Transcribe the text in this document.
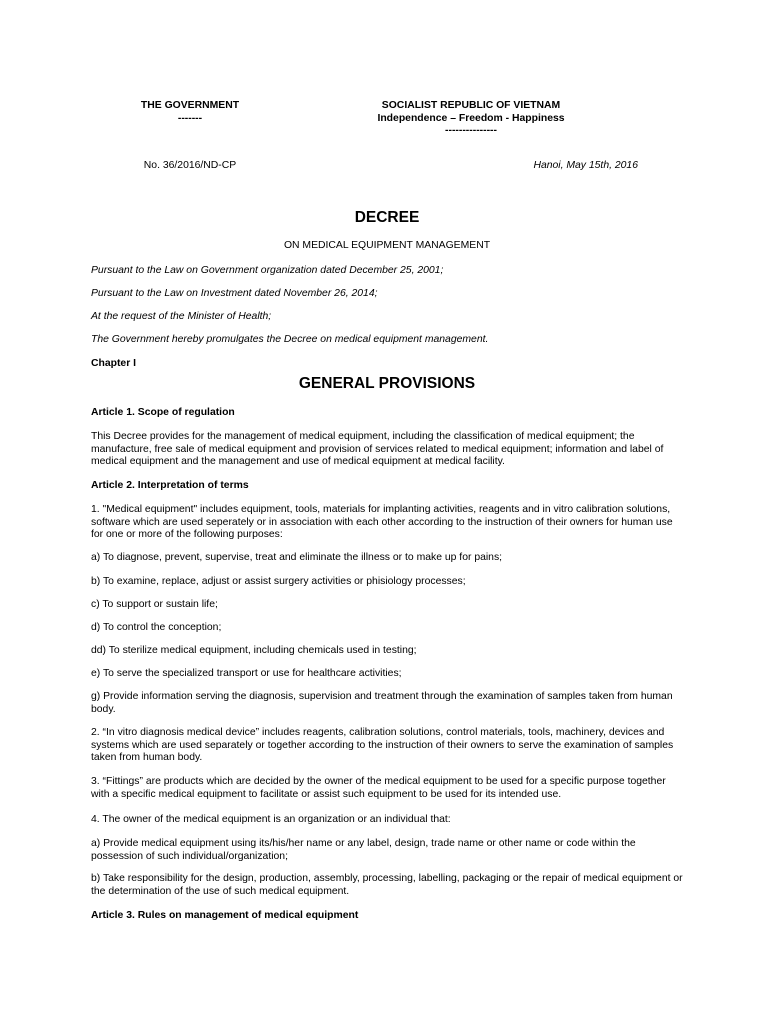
THE GOVERNMENT
-------
SOCIALIST REPUBLIC OF VIETNAM
Independence – Freedom - Happiness
---------------
No. 36/2016/ND-CP	Hanoi, May 15th, 2016
DECREE
ON MEDICAL EQUIPMENT MANAGEMENT
Pursuant to the Law on Government organization dated December 25, 2001;
Pursuant to the Law on Investment dated November 26, 2014;
At the request of the Minister of Health;
The Government hereby promulgates the Decree on medical equipment management.
Chapter I
GENERAL PROVISIONS
Article 1. Scope of regulation
This Decree provides for the management of medical equipment, including the classification of medical equipment; the manufacture, free sale of medical equipment and provision of services related to medical equipment; information and label of medical equipment and the management and use of medical equipment at medical facility.
Article 2. Interpretation of terms
1. "Medical equipment" includes equipment, tools, materials for implanting activities, reagents and in vitro calibration solutions, software which are used seperately or in association with each other according to the instruction of their owners for human use for one or more of the following purposes:
a) To diagnose, prevent, supervise, treat and eliminate the illness or to make up for pains;
b) To examine, replace, adjust or assist surgery activities or phisiology processes;
c) To support or sustain life;
d) To control the conception;
dd) To sterilize medical equipment, including chemicals used in testing;
e) To serve the specialized transport or use for healthcare activities;
g) Provide information serving the diagnosis, supervision and treatment through the examination of samples taken from human body.
2. “In vitro diagnosis medical device” includes reagents, calibration solutions, control materials, tools, machinery, devices and systems which are used separately or together according to the instruction of their owners to serve the examination of samples taken from human body.
3. “Fittings” are products which are decided by the owner of the medical equipment to be used for a specific purpose together with a specific medical equipment to facilitate or assist such equipment to be used for its intended use.
4. The owner of the medical equipment is an organization or an individual that:
a) Provide medical equipment using its/his/her name or any label, design, trade name or other name or code within the possession of such individual/organization;
b) Take responsibility for the design, production, assembly, processing, labelling, packaging or the repair of medical equipment or the determination of the use of such medical equipment.
Article 3. Rules on management of medical equipment
